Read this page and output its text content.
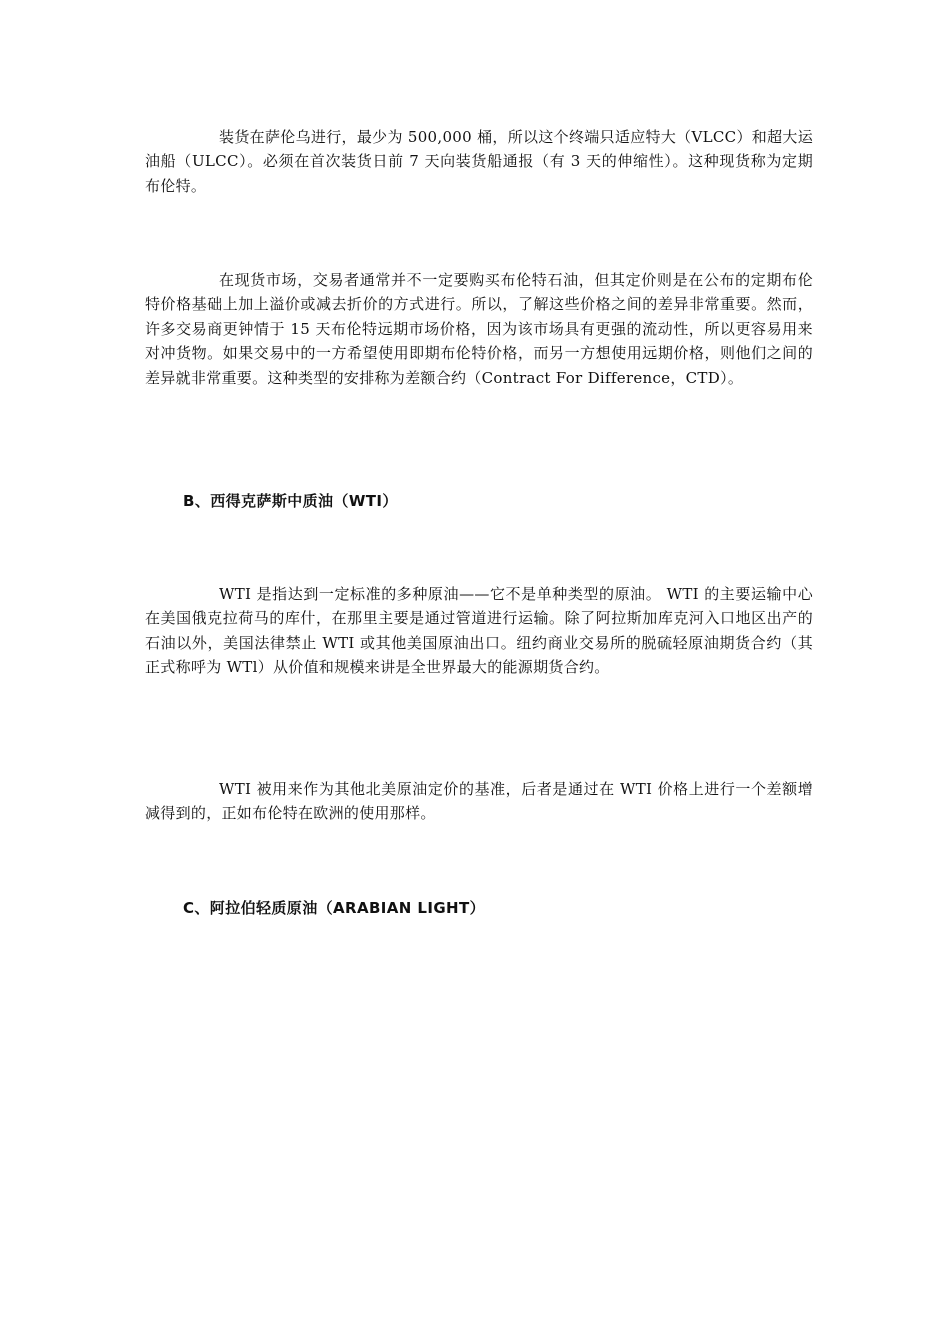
装货在萨伦乌进行，最少为 500,000 桶，所以这个终端只适应特大（VLCC）和超大运油船（ULCC）。必须在首次装货日前 7 天向装货船通报（有 3 天的伸缩性）。这种现货称为定期布伦特。

在现货市场，交易者通常并不一定要购买布伦特石油，但其定价则是在公布的定期布伦特价格基础上加上溢价或减去折价的方式进行。所以，了解这些价格之间的差异非常重要。然而，许多交易商更钟情于 15 天布伦特远期市场价格，因为该市场具有更强的流动性，所以更容易用来对冲货物。如果交易中的一方希望使用即期布伦特价格，而另一方想使用远期价格，则他们之间的差异就非常重要。这种类型的安排称为差额合约（Contract For Difference，CTD）。

B、西得克萨斯中质油（WTI）

WTI 是指达到一定标准的多种原油——它不是单种类型的原油。 WTI 的主要运输中心在美国俄克拉荷马的库什，在那里主要是通过管道进行运输。除了阿拉斯加库克河入口地区出产的石油以外，美国法律禁止 WTI 或其他美国原油出口。纽约商业交易所的脱硫轻原油期货合约（其正式称呼为 WTl）从价值和规模来讲是全世界最大的能源期货合约。

WTI 被用来作为其他北美原油定价的基准，后者是通过在 WTI 价格上进行一个差额增减得到的，正如布伦特在欧洲的使用那样。

C、阿拉伯轻质原油（ARABIAN LIGHT）
